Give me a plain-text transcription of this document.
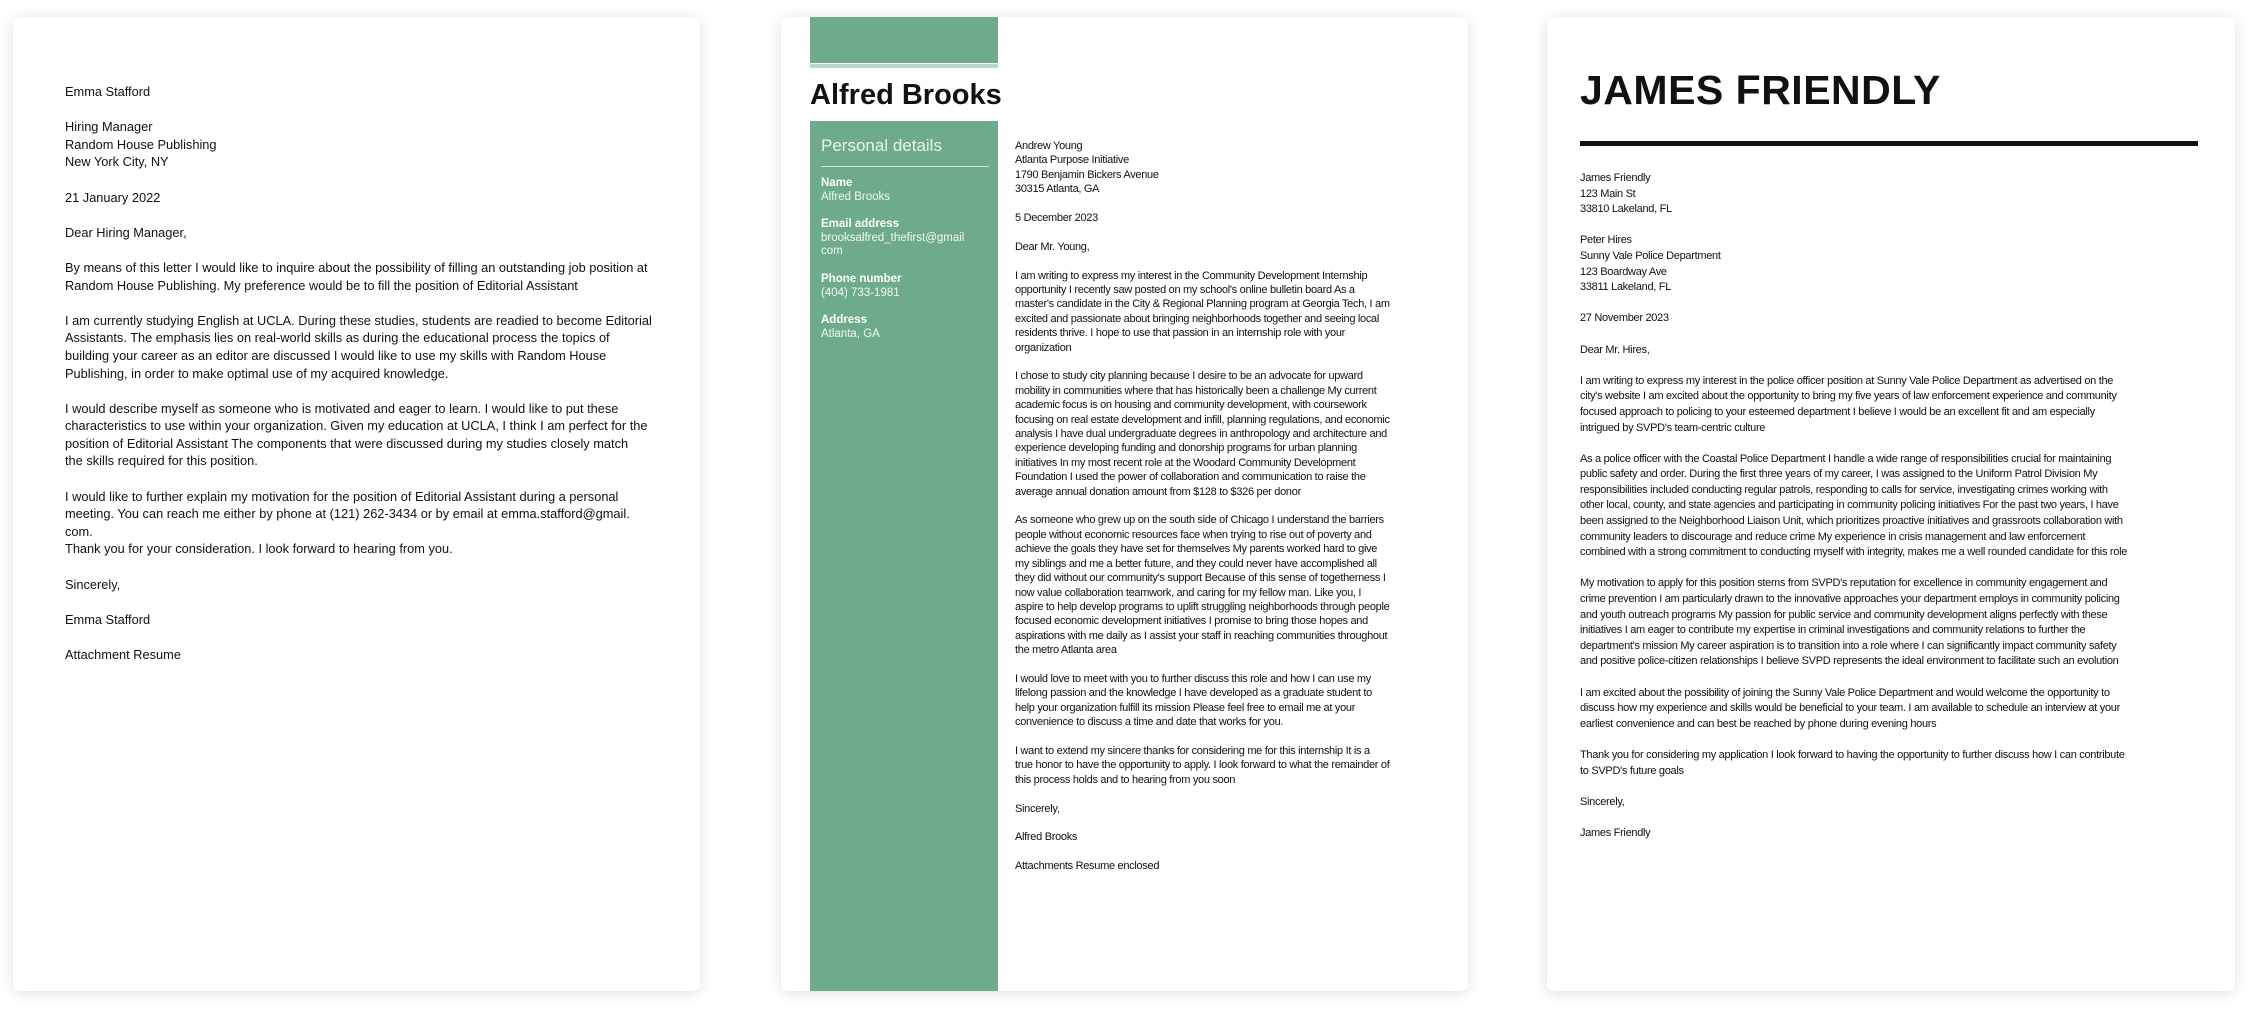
Emma Stafford

Hiring Manager
Random House Publishing
New York City, NY

21 January 2022

Dear Hiring Manager,

By means of this letter I would like to inquire about the possibility of filling an outstanding job position at
Random House Publishing. My preference would be to fill the position of Editorial Assistant

I am currently studying English at UCLA. During these studies, students are readied to become Editorial
Assistants. The emphasis lies on real-world skills as during the educational process the topics of
building your career as an editor are discussed I would like to use my skills with Random House
Publishing, in order to make optimal use of my acquired knowledge.

I would describe myself as someone who is motivated and eager to learn. I would like to put these
characteristics to use within your organization. Given my education at UCLA, I think I am perfect for the
position of Editorial Assistant The components that were discussed during my studies closely match
the skills required for this position.

I would like to further explain my motivation for the position of Editorial Assistant during a personal
meeting. You can reach me either by phone at (121) 262-3434 or by email at emma.stafford@gmail.
com.
Thank you for your consideration. I look forward to hearing from you.

Sincerely,

Emma Stafford

Attachment Resume

Alfred Brooks
Personal details
Name
Alfred Brooks
Email address
brooksalfred_thefirst@gmail
com
Phone number
(404) 733-1981
Address
Atlanta, GA

Andrew Young
Atlanta Purpose Initiative
1790 Benjamin Bickers Avenue
30315 Atlanta, GA

5 December 2023

Dear Mr. Young,

I am writing to express my interest in the Community Development Internship
opportunity I recently saw posted on my school's online bulletin board As a
master's candidate in the City & Regional Planning program at Georgia Tech, I am
excited and passionate about bringing neighborhoods together and seeing local
residents thrive. I hope to use that passion in an internship role with your
organization

I chose to study city planning because I desire to be an advocate for upward
mobility in communities where that has historically been a challenge My current
academic focus is on housing and community development, with coursework
focusing on real estate development and infill, planning regulations, and economic
analysis I have dual undergraduate degrees in anthropology and architecture and
experience developing funding and donorship programs for urban planning
initiatives In my most recent role at the Woodard Community Development
Foundation I used the power of collaboration and communication to raise the
average annual donation amount from $128 to $326 per donor

As someone who grew up on the south side of Chicago I understand the barriers
people without economic resources face when trying to rise out of poverty and
achieve the goals they have set for themselves My parents worked hard to give
my siblings and me a better future, and they could never have accomplished all
they did without our community's support Because of this sense of togetherness I
now value collaboration teamwork, and caring for my fellow man. Like you, I
aspire to help develop programs to uplift struggling neighborhoods through people
focused economic development initiatives I promise to bring those hopes and
aspirations with me daily as I assist your staff in reaching communities throughout
the metro Atlanta area

I would love to meet with you to further discuss this role and how I can use my
lifelong passion and the knowledge I have developed as a graduate student to
help your organization fulfill its mission Please feel free to email me at your
convenience to discuss a time and date that works for you.

I want to extend my sincere thanks for considering me for this internship It is a
true honor to have the opportunity to apply. I look forward to what the remainder of
this process holds and to hearing from you soon

Sincerely,

Alfred Brooks

Attachments Resume enclosed

JAMES FRIENDLY

James Friendly
123 Main St
33810 Lakeland, FL

Peter Hires
Sunny Vale Police Department
123 Boardway Ave
33811 Lakeland, FL

27 November 2023

Dear Mr. Hires,

I am writing to express my interest in the police officer position at Sunny Vale Police Department as advertised on the
city's website I am excited about the opportunity to bring my five years of law enforcement experience and community
focused approach to policing to your esteemed department I believe I would be an excellent fit and am especially
intrigued by SVPD's team-centric culture

As a police officer with the Coastal Police Department I handle a wide range of responsibilities crucial for maintaining
public safety and order. During the first three years of my career, I was assigned to the Uniform Patrol Division My
responsibilities included conducting regular patrols, responding to calls for service, investigating crimes working with
other local, county, and state agencies and participating in community policing initiatives For the past two years, I have
been assigned to the Neighborhood Liaison Unit, which prioritizes proactive initiatives and grassroots collaboration with
community leaders to discourage and reduce crime My experience in crisis management and law enforcement
combined with a strong commitment to conducting myself with integrity, makes me a well rounded candidate for this role

My motivation to apply for this position stems from SVPD's reputation for excellence in community engagement and
crime prevention I am particularly drawn to the innovative approaches your department employs in community policing
and youth outreach programs My passion for public service and community development aligns perfectly with these
initiatives I am eager to contribute my expertise in criminal investigations and community relations to further the
department's mission My career aspiration is to transition into a role where I can significantly impact community safety
and positive police-citizen relationships I believe SVPD represents the ideal environment to facilitate such an evolution

I am excited about the possibility of joining the Sunny Vale Police Department and would welcome the opportunity to
discuss how my experience and skills would be beneficial to your team. I am available to schedule an interview at your
earliest convenience and can best be reached by phone during evening hours

Thank you for considering my application I look forward to having the opportunity to further discuss how I can contribute
to SVPD's future goals

Sincerely,

James Friendly
